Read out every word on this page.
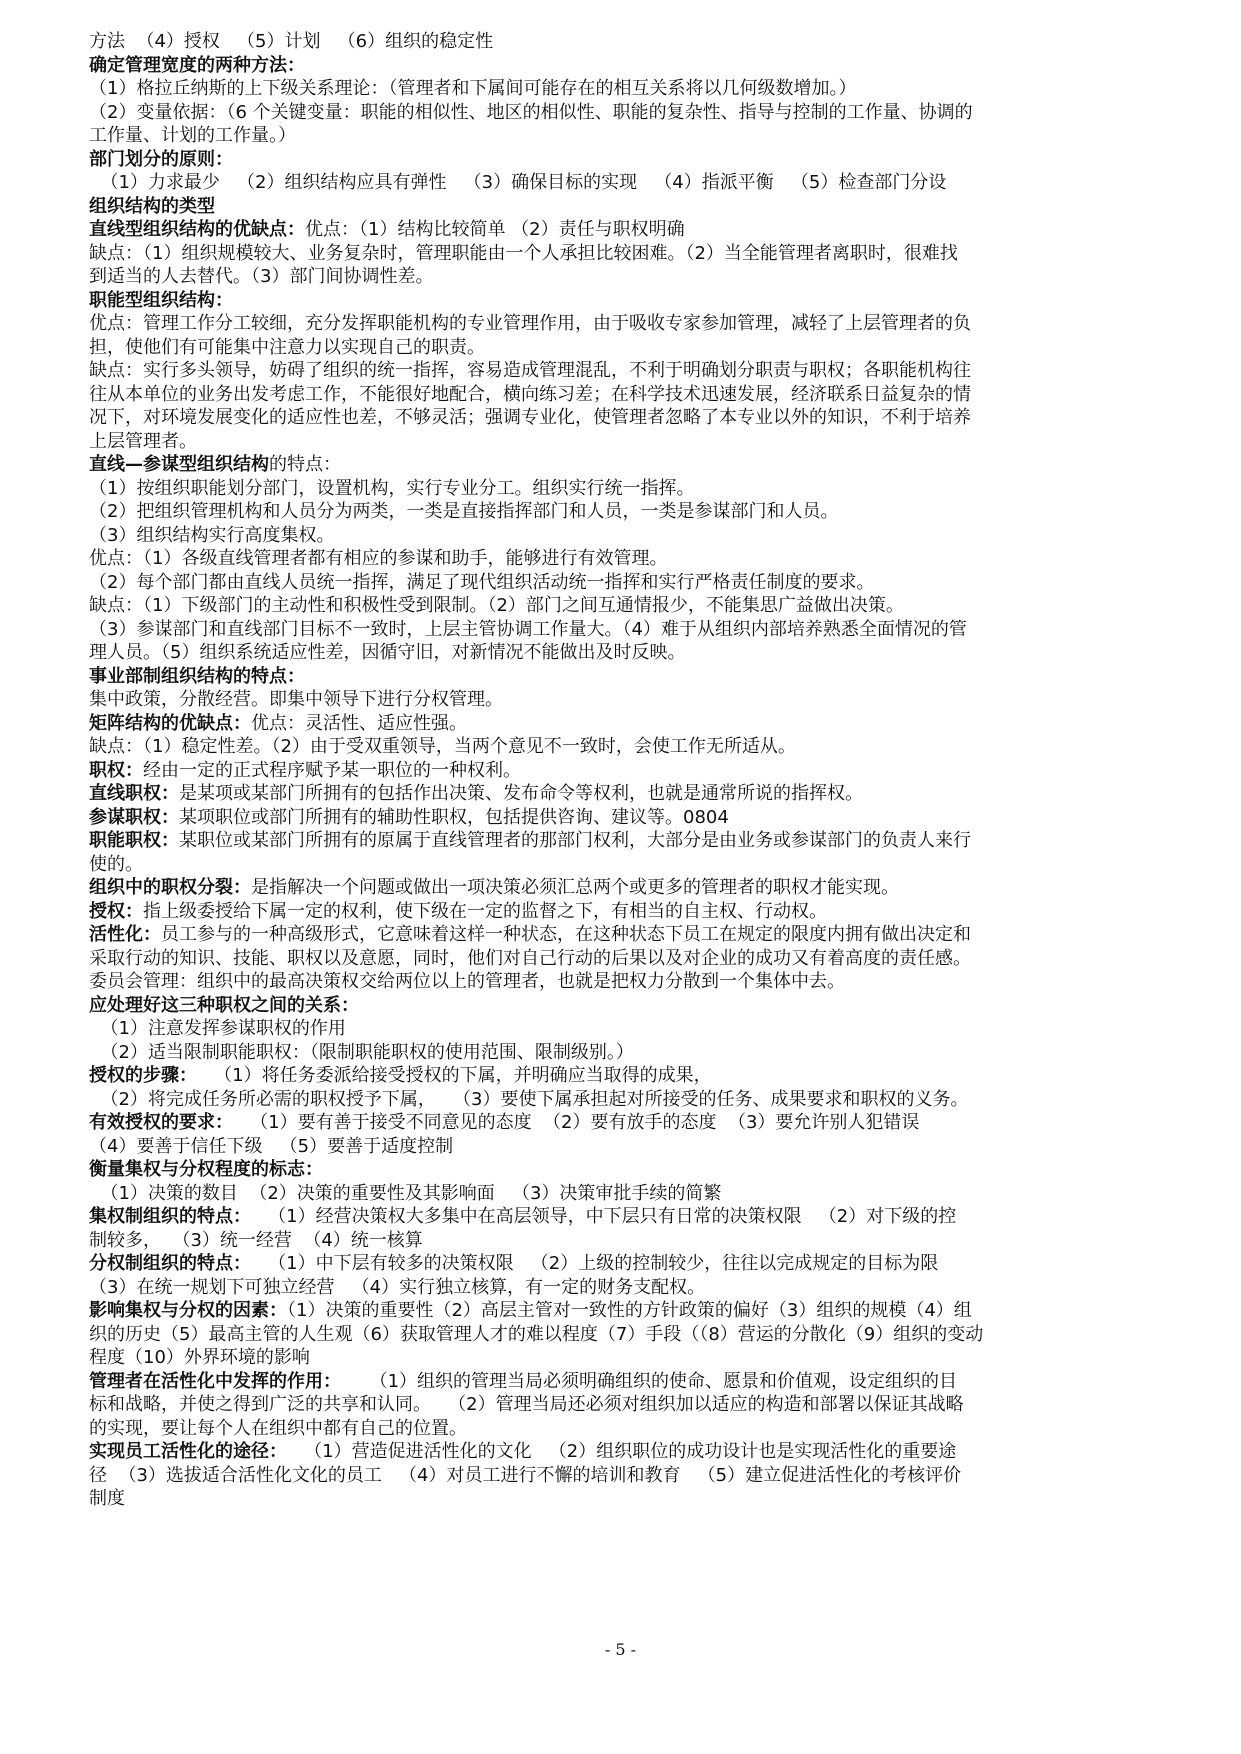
方法  （4）授权   （5）计划   （6）组织的稳定性
确定管理宽度的两种方法：
（1）格拉丘纳斯的上下级关系理论：（管理者和下属间可能存在的相互关系将以几何级数增加。）
（2）变量依据：（6 个关键变量：职能的相似性、地区的相似性、职能的复杂性、指导与控制的工作量、协调的
工作量、计划的工作量。）
部门划分的原则：
（1）力求最少   （2）组织结构应具有弹性   （3）确保目标的实现   （4）指派平衡   （5）检查部门分设
组织结构的类型
直线型组织结构的优缺点：优点：（1）结构比较简单 （2）责任与职权明确
缺点：（1）组织规模较大、业务复杂时，管理职能由一个人承担比较困难。（2）当全能管理者离职时，很难找
到适当的人去替代。（3）部门间协调性差。
职能型组织结构：
优点：管理工作分工较细，充分发挥职能机构的专业管理作用，由于吸收专家参加管理，减轻了上层管理者的负
担，使他们有可能集中注意力以实现自己的职责。
缺点：实行多头领导，妨碍了组织的统一指挥，容易造成管理混乱，不利于明确划分职责与职权；各职能机构往
往从本单位的业务出发考虑工作，不能很好地配合，横向练习差；在科学技术迅速发展，经济联系日益复杂的情
况下，对环境发展变化的适应性也差，不够灵活；强调专业化，使管理者忽略了本专业以外的知识，不利于培养
上层管理者。
直线—参谋型组织结构的特点：
（1）按组织职能划分部门，设置机构，实行专业分工。组织实行统一指挥。
（2）把组织管理机构和人员分为两类，一类是直接指挥部门和人员，一类是参谋部门和人员。
（3）组织结构实行高度集权。
优点：（1）各级直线管理者都有相应的参谋和助手，能够进行有效管理。
（2）每个部门都由直线人员统一指挥，满足了现代组织活动统一指挥和实行严格责任制度的要求。
缺点：（1）下级部门的主动性和积极性受到限制。（2）部门之间互通情报少，不能集思广益做出决策。
（3）参谋部门和直线部门目标不一致时，上层主管协调工作量大。（4）难于从组织内部培养熟悉全面情况的管
理人员。（5）组织系统适应性差，因循守旧，对新情况不能做出及时反映。
事业部制组织结构的特点：
集中政策，分散经营。即集中领导下进行分权管理。
矩阵结构的优缺点：优点：灵活性、适应性强。
缺点：（1）稳定性差。（2）由于受双重领导，当两个意见不一致时，会使工作无所适从。
职权：经由一定的正式程序赋予某一职位的一种权利。
直线职权：是某项或某部门所拥有的包括作出决策、发布命令等权利，也就是通常所说的指挥权。
参谋职权：某项职位或部门所拥有的辅助性职权，包括提供咨询、建议等。0804
职能职权：某职位或某部门所拥有的原属于直线管理者的那部门权利，大部分是由业务或参谋部门的负责人来行
使的。
组织中的职权分裂：是指解决一个问题或做出一项决策必须汇总两个或更多的管理者的职权才能实现。
授权：指上级委授给下属一定的权利，使下级在一定的监督之下，有相当的自主权、行动权。
活性化：员工参与的一种高级形式，它意味着这样一种状态，在这种状态下员工在规定的限度内拥有做出决定和
采取行动的知识、技能、职权以及意愿，同时，他们对自己行动的后果以及对企业的成功又有着高度的责任感。
委员会管理：组织中的最高决策权交给两位以上的管理者，也就是把权力分散到一个集体中去。
应处理好这三种职权之间的关系：
（1）注意发挥参谋职权的作用
（2）适当限制职能职权：（限制职能职权的使用范围、限制级别。）
授权的步骤：   （1）将任务委派给接受授权的下属，并明确应当取得的成果，
（2）将完成任务所必需的职权授予下属，   （3）要使下属承担起对所接受的任务、成果要求和职权的义务。
有效授权的要求：   （1）要有善于接受不同意见的态度  （2）要有放手的态度  （3）要允许别人犯错误
（4）要善于信任下级   （5）要善于适度控制
衡量集权与分权程度的标志：
（1）决策的数目  （2）决策的重要性及其影响面   （3）决策审批手续的简繁
集权制组织的特点：   （1）经营决策权大多集中在高层领导，中下层只有日常的决策权限   （2）对下级的控
制较多，  （3）统一经营  （4）统一核算
分权制组织的特点：   （1）中下层有较多的决策权限   （2）上级的控制较少，往往以完成规定的目标为限
（3）在统一规划下可独立经营   （4）实行独立核算，有一定的财务支配权。
影响集权与分权的因素：（1）决策的重要性（2）高层主管对一致性的方针政策的偏好（3）组织的规模（4）组
织的历史（5）最高主管的人生观（6）获取管理人才的难以程度（7）手段（（8）营运的分散化（9）组织的变动
程度（10）外界环境的影响
管理者在活性化中发挥的作用：     （1）组织的管理当局必须明确组织的使命、愿景和价值观，设定组织的目
标和战略，并使之得到广泛的共享和认同。   （2）管理当局还必须对组织加以适应的构造和部署以保证其战略
的实现，要让每个人在组织中都有自己的位置。
实现员工活性化的途径：   （1）营造促进活性化的文化   （2）组织职位的成功设计也是实现活性化的重要途
径  （3）选拔适合活性化文化的员工   （4）对员工进行不懈的培训和教育   （5）建立促进活性化的考核评价
制度
- 5 -
